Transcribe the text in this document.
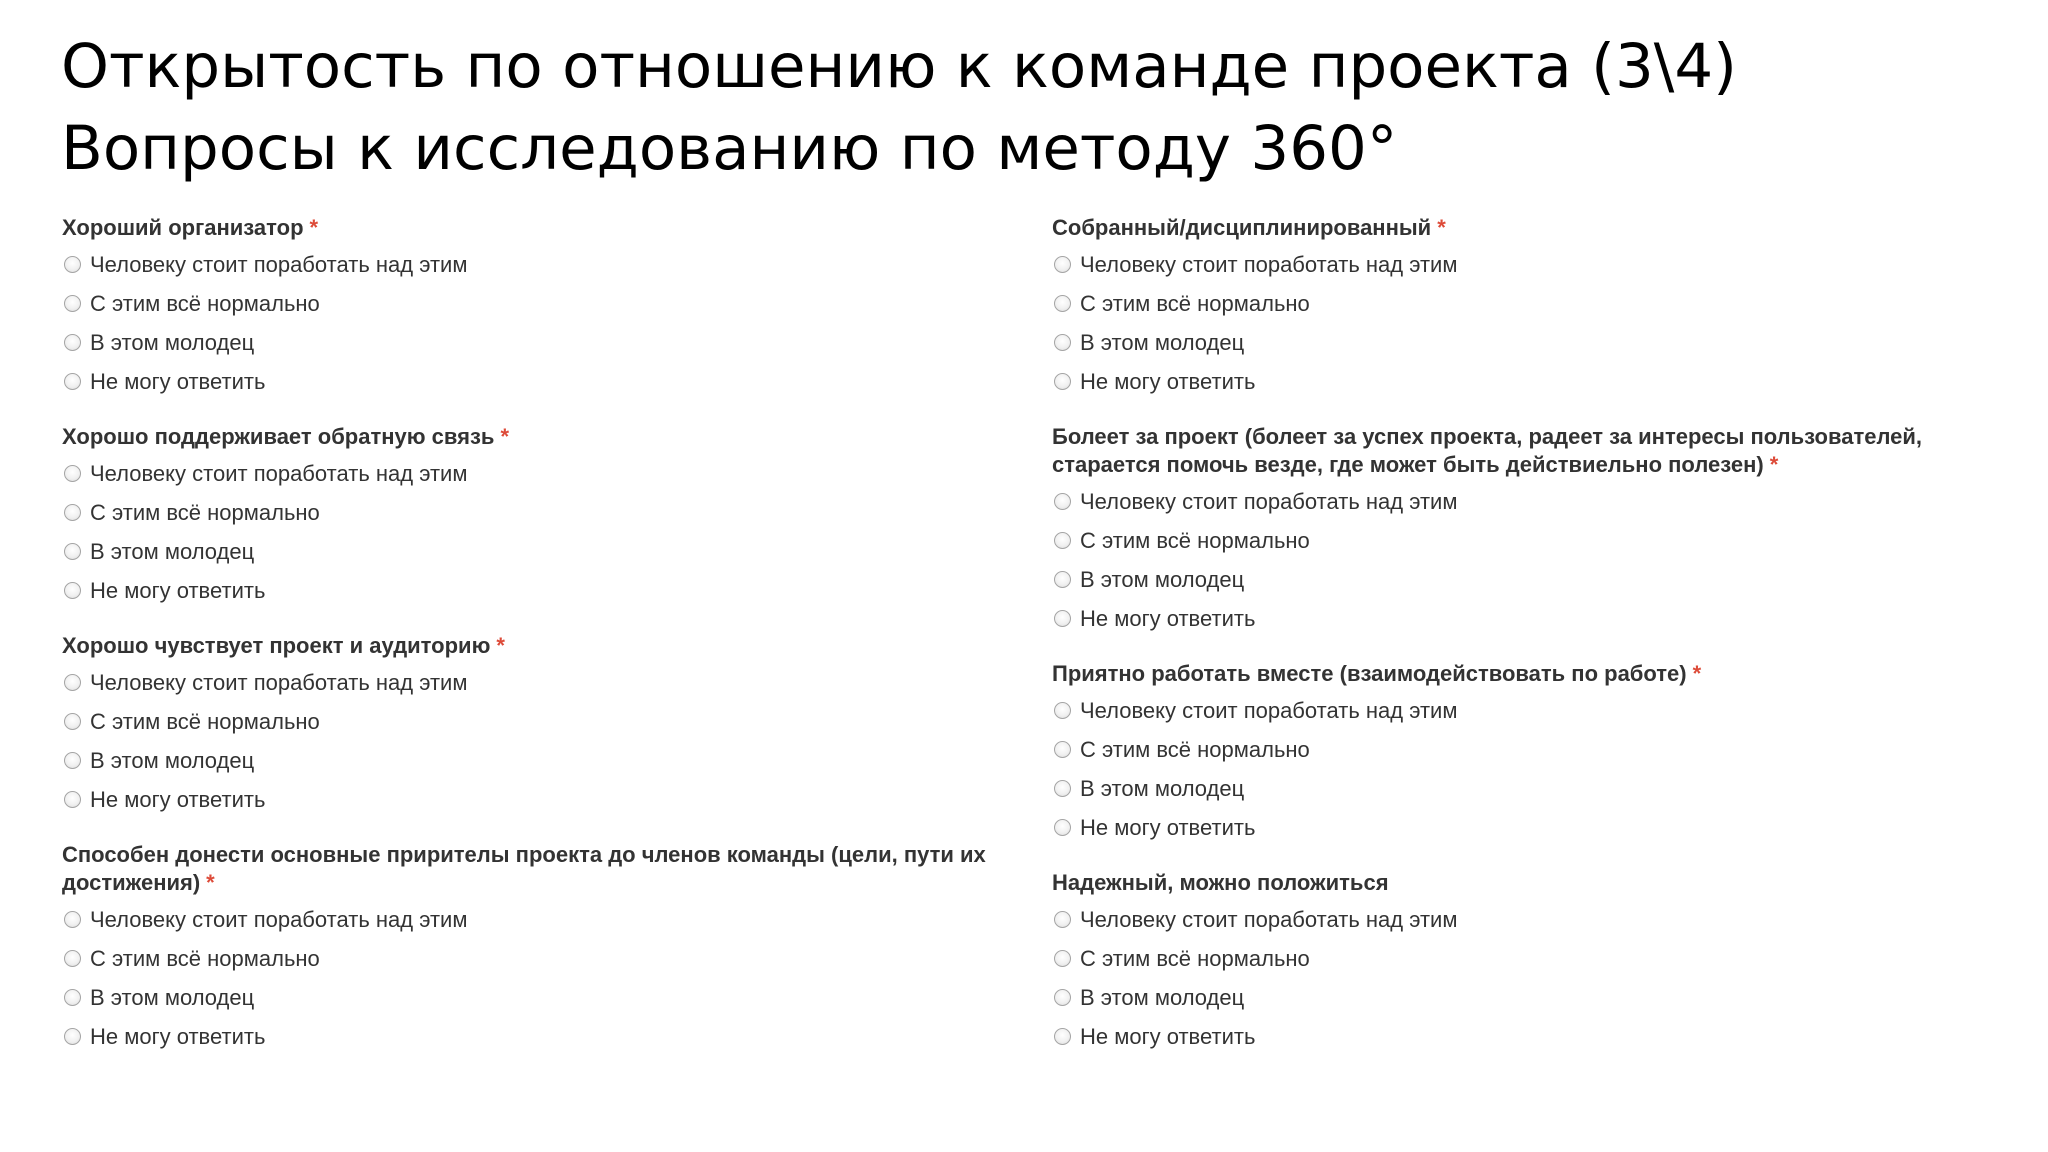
Открытость по отношению к команде проекта (3\4)
Вопросы к исследованию по методу 360°
Хороший организатор *
Человеку стоит поработать над этим
С этим всё нормально
В этом молодец
Не могу ответить
Хорошо поддерживает обратную связь *
Человеку стоит поработать над этим
С этим всё нормально
В этом молодец
Не могу ответить
Хорошо чувствует проект и аудиторию *
Человеку стоит поработать над этим
С этим всё нормально
В этом молодец
Не могу ответить
Способен донести основные прирителы проекта до членов команды (цели, пути их достижения) *
Человеку стоит поработать над этим
С этим всё нормально
В этом молодец
Не могу ответить
Собранный/дисциплинированный *
Человеку стоит поработать над этим
С этим всё нормально
В этом молодец
Не могу ответить
Болеет за проект (болеет за успех проекта, радеет за интересы пользователей, старается помочь везде, где может быть действиельно полезен) *
Человеку стоит поработать над этим
С этим всё нормально
В этом молодец
Не могу ответить
Приятно работать вместе (взаимодействовать по работе) *
Человеку стоит поработать над этим
С этим всё нормально
В этом молодец
Не могу ответить
Надежный, можно положиться
Человеку стоит поработать над этим
С этим всё нормально
В этом молодец
Не могу ответить
